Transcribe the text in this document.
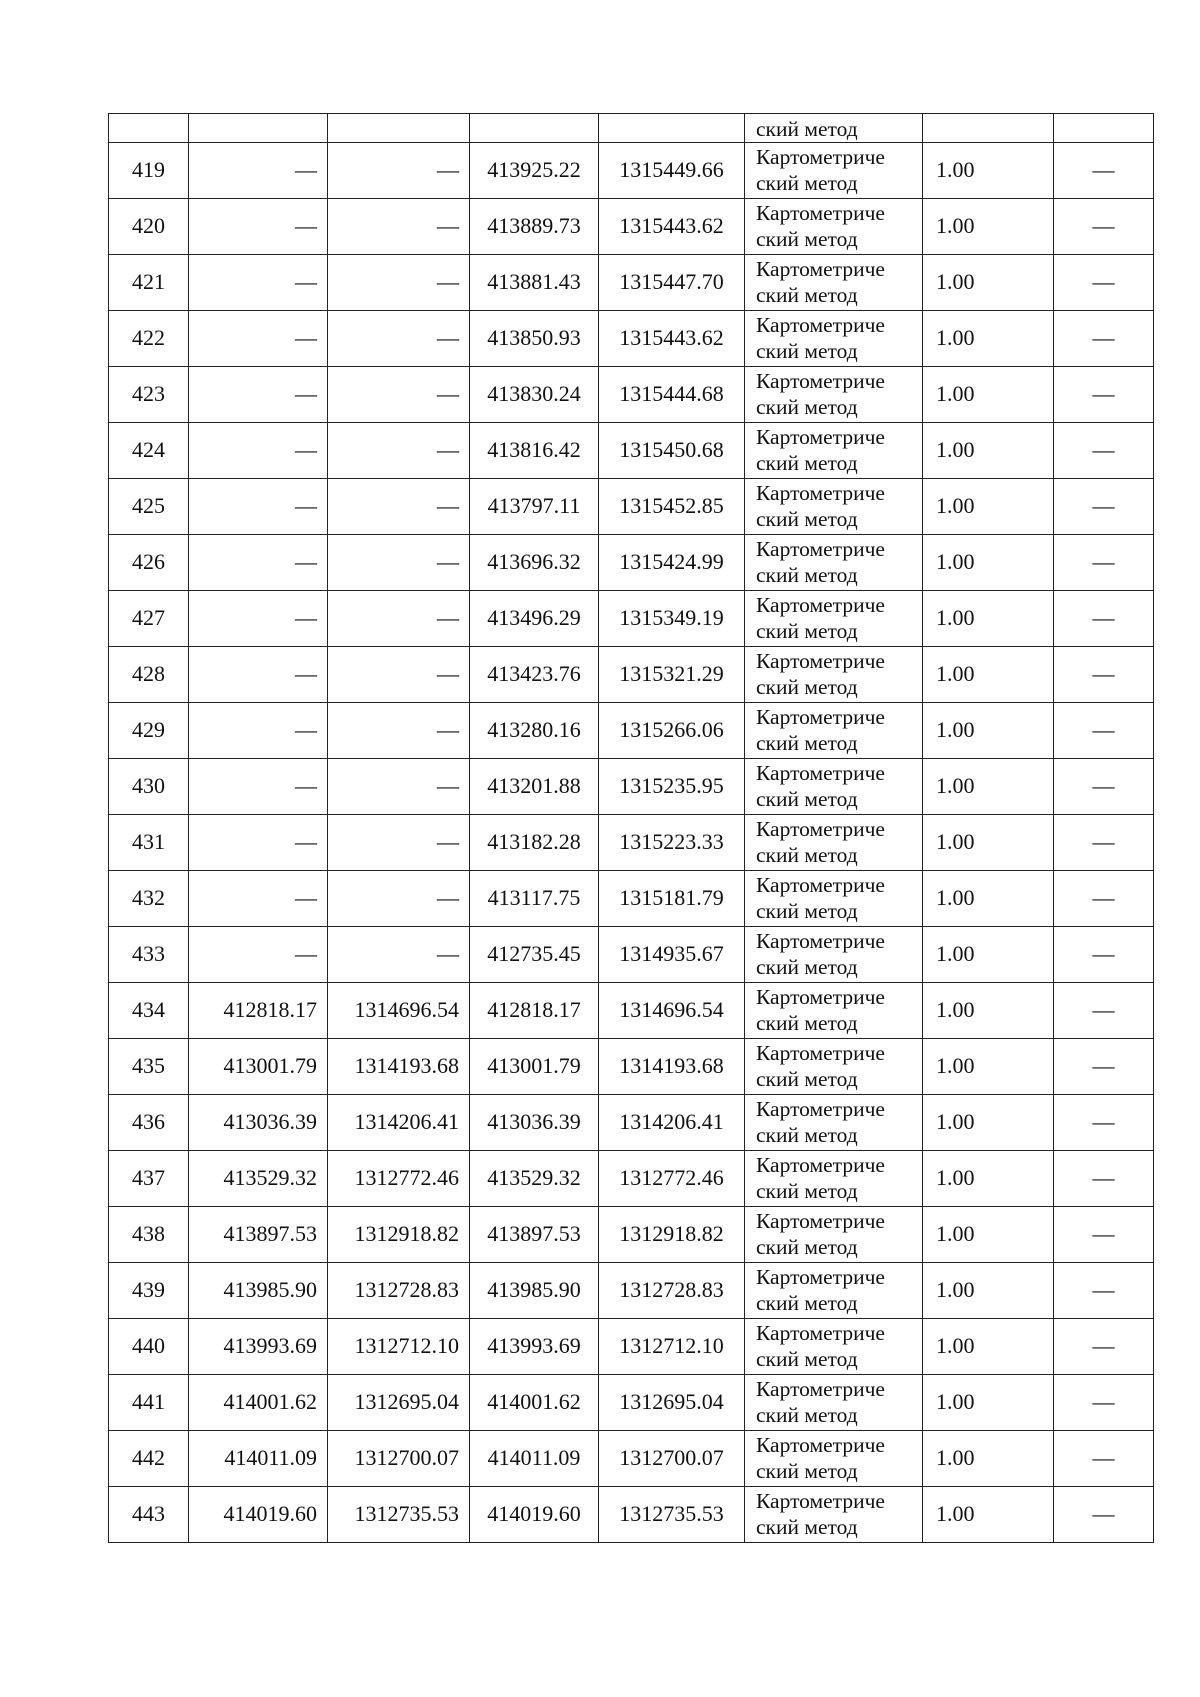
					ский метод		
419	—	—	413925.22	1315449.66	Картометриче ский метод	1.00	—
420	—	—	413889.73	1315443.62	Картометриче ский метод	1.00	—
421	—	—	413881.43	1315447.70	Картометриче ский метод	1.00	—
422	—	—	413850.93	1315443.62	Картометриче ский метод	1.00	—
423	—	—	413830.24	1315444.68	Картометриче ский метод	1.00	—
424	—	—	413816.42	1315450.68	Картометриче ский метод	1.00	—
425	—	—	413797.11	1315452.85	Картометриче ский метод	1.00	—
426	—	—	413696.32	1315424.99	Картометриче ский метод	1.00	—
427	—	—	413496.29	1315349.19	Картометриче ский метод	1.00	—
428	—	—	413423.76	1315321.29	Картометриче ский метод	1.00	—
429	—	—	413280.16	1315266.06	Картометриче ский метод	1.00	—
430	—	—	413201.88	1315235.95	Картометриче ский метод	1.00	—
431	—	—	413182.28	1315223.33	Картометриче ский метод	1.00	—
432	—	—	413117.75	1315181.79	Картометриче ский метод	1.00	—
433	—	—	412735.45	1314935.67	Картометриче ский метод	1.00	—
434	412818.17	1314696.54	412818.17	1314696.54	Картометриче ский метод	1.00	—
435	413001.79	1314193.68	413001.79	1314193.68	Картометриче ский метод	1.00	—
436	413036.39	1314206.41	413036.39	1314206.41	Картометриче ский метод	1.00	—
437	413529.32	1312772.46	413529.32	1312772.46	Картометриче ский метод	1.00	—
438	413897.53	1312918.82	413897.53	1312918.82	Картометриче ский метод	1.00	—
439	413985.90	1312728.83	413985.90	1312728.83	Картометриче ский метод	1.00	—
440	413993.69	1312712.10	413993.69	1312712.10	Картометриче ский метод	1.00	—
441	414001.62	1312695.04	414001.62	1312695.04	Картометриче ский метод	1.00	—
442	414011.09	1312700.07	414011.09	1312700.07	Картометриче ский метод	1.00	—
443	414019.60	1312735.53	414019.60	1312735.53	Картометриче ский метод	1.00	—
